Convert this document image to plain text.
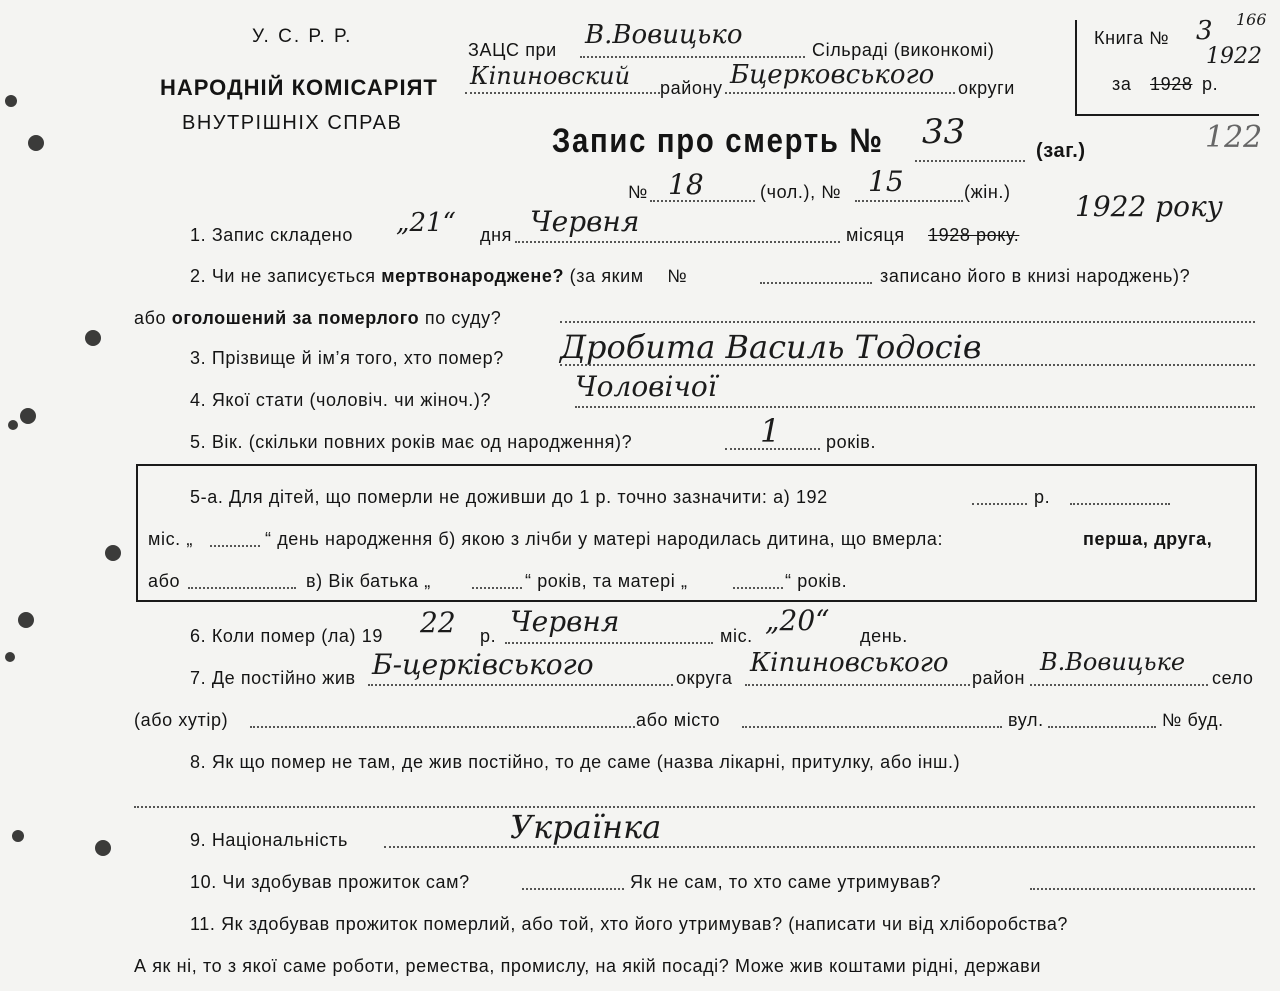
У. С. Р. Р.
НАРОДНІЙ КОМІСАРІЯТ
ВНУТРІШНІХ СПРАВ
ЗАЦС при В.Вовицько	Сільраді (виконкомі)
Кіпиновский району Бцерковського округи
Книга № 3 166
за 1928 р.
1922
Запис про смерть № 33	(заг.)	122
№ 18	(чол.), № 15	(жін.)
1. Запис складено „21“ дня Червня	місяця 1928 року.
1922 року
2. Чи не записується мертвонароджене? (за яким №	записано його в книзі народжень)?
або оголошений за померлого по суду?
3. Прізвище й ім’я того, хто помер? Дробита Василь Тодосів
4. Якої стати (чоловіч. чи жіноч.)?	Чоловічої
5. Вік. (скільки повних років має од народження)?	1	років.
5-а. Для дітей, що померли не доживши до 1 р. точно зазначити: а) 192	р.
міс. „	“ день народження б) якою з лічби у матері народилась дитина, що вмерла:	перша, друга,
або	в) Вік батька „	“ років, та матері „	“ років.
6. Коли помер (ла) 19 22 р. Червня	міс. „20“ день.
7. Де постійно жив Б-церківського	округа Кіпиновського район
В.Вовицьке
село
(або хутір)	або місто	вул.	№ буд.
8. Як що помер не там, де жив постійно, то де саме (назва лікарні, притулку, або інш.)
9. Національність	Українка
10. Чи здобував прожиток сам?	Як не сам, то хто саме утримував?
11. Як здобував прожиток померлий, або той, хто його утримував? (написати чи від хліборобства?
А як ні, то з якої саме роботи, ремества, промислу, на якій посаді? Може жив коштами рідні, держави
